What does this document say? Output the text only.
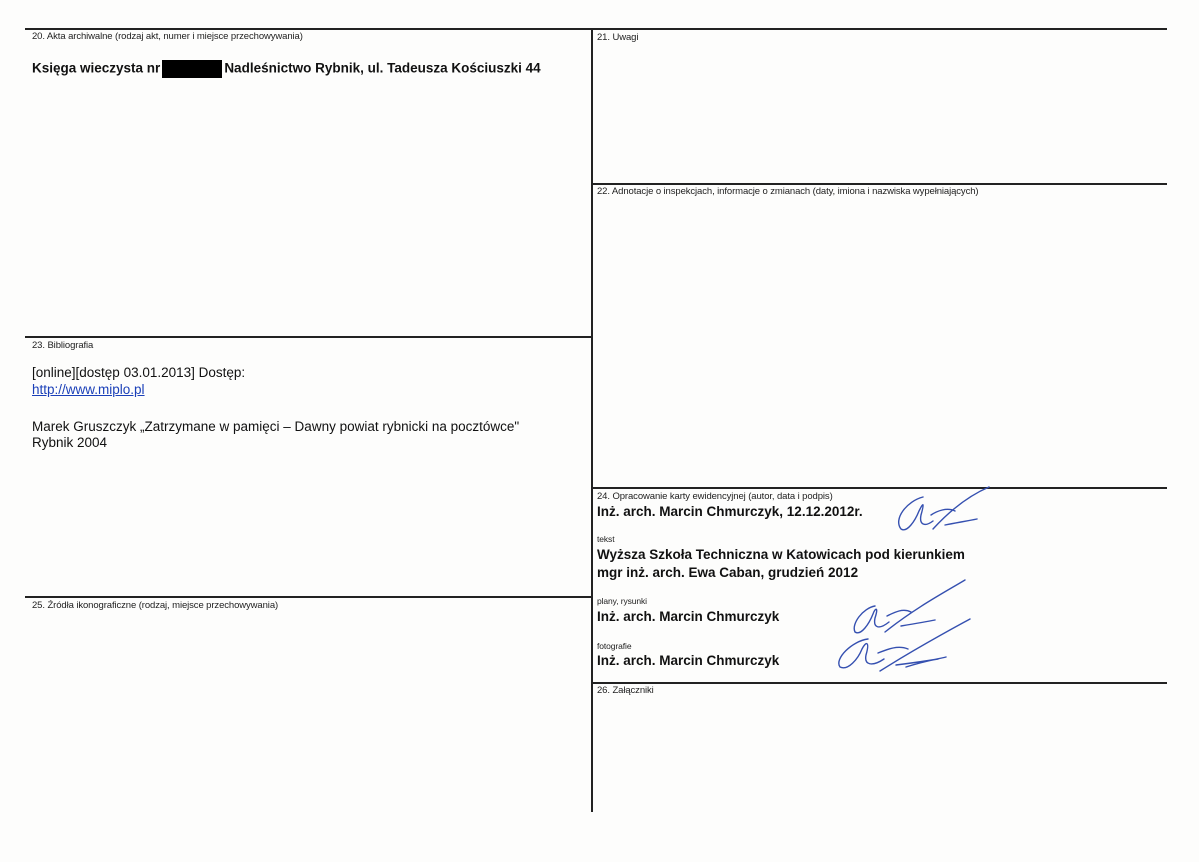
20. Akta archiwalne (rodzaj akt, numer i miejsce przechowywania)
Księga wieczysta nr	Nadleśnictwo Rybnik, ul. Tadeusza Kościuszki 44
21. Uwagi
22. Adnotacje o inspekcjach, informacje o zmianach (daty, imiona i nazwiska wypełniających)
23. Bibliografia
[online][dostęp 03.01.2013] Dostęp:
http://www.miplo.pl
Marek Gruszczyk „Zatrzymane w pamięci – Dawny powiat rybnicki na pocztówce"
Rybnik 2004
25. Źródła ikonograficzne (rodzaj, miejsce przechowywania)
24. Opracowanie karty ewidencyjnej (autor, data i podpis)
Inż. arch. Marcin Chmurczyk, 12.12.2012r.
tekst
Wyższa Szkoła Techniczna w Katowicach pod kierunkiem
mgr inż. arch. Ewa Caban, grudzień 2012
plany, rysunki
Inż. arch. Marcin Chmurczyk
fotografie
Inż. arch. Marcin Chmurczyk
26. Załączniki
